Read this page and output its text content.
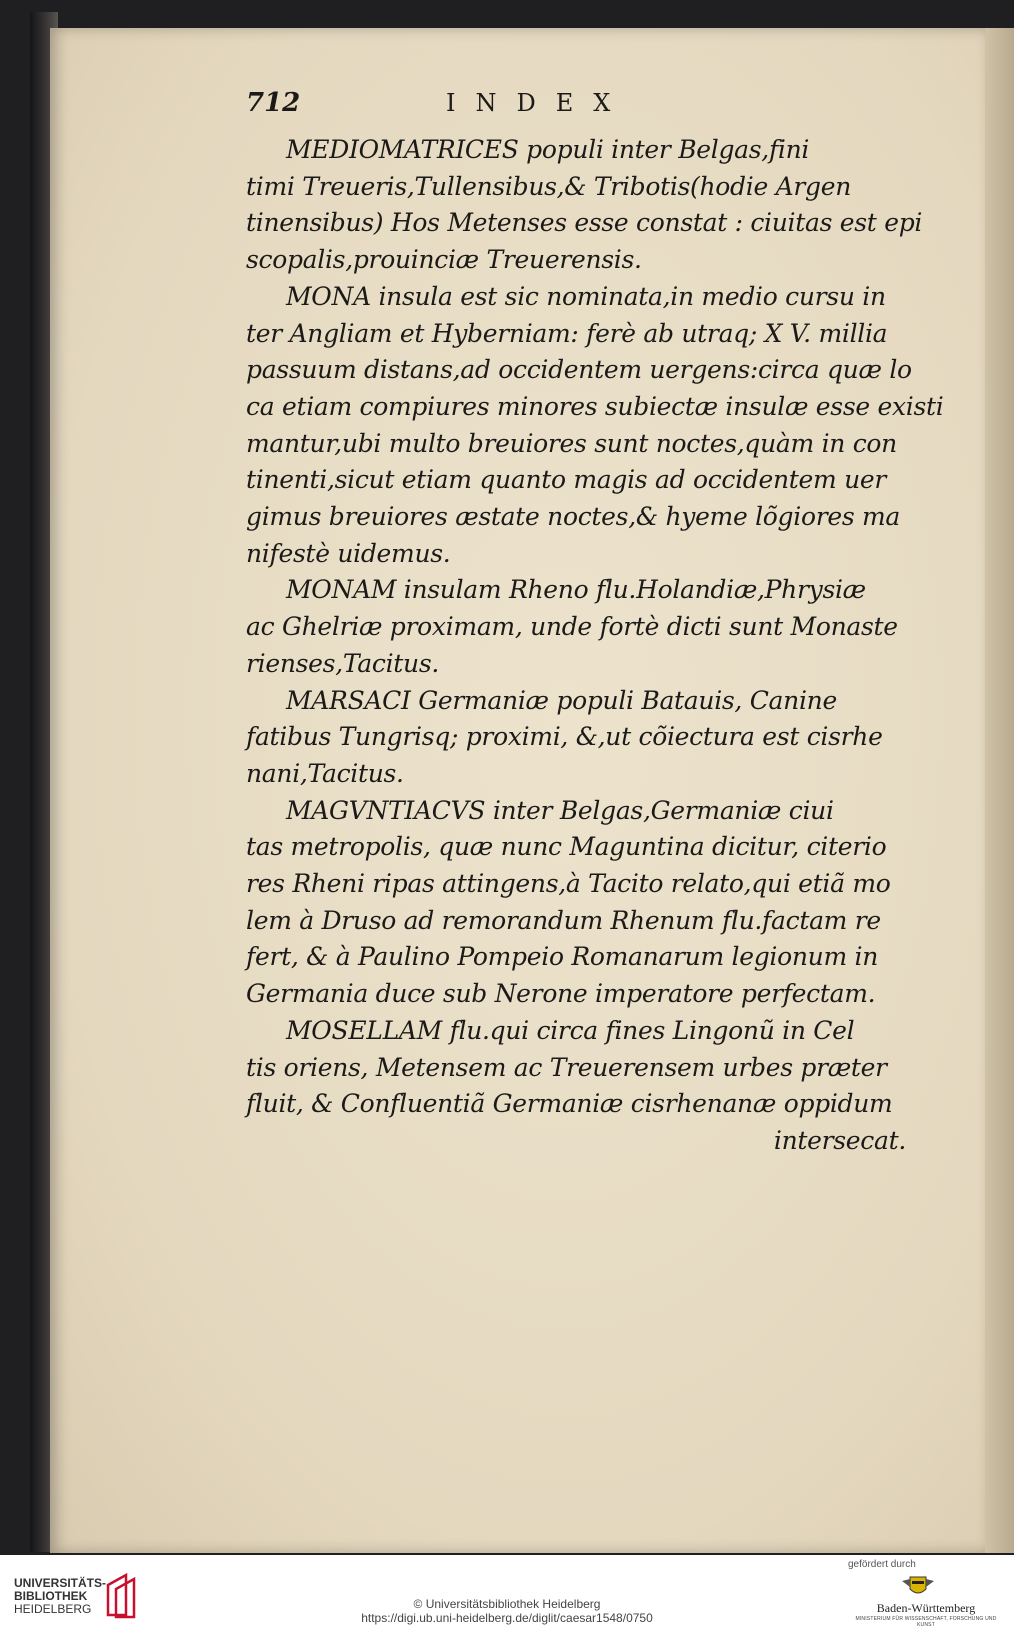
712	INDEX
MEDIOMATRICES populi inter Belgas,fini
timi Treueris,Tullensibus,& Tribotis(hodie Argen
tinensibus) Hos Metenses esse constat : ciuitas est epi
scopalis,prouinciæ Treuerensis.
MONA insula est sic nominata,in medio cursu in
ter Angliam et Hyberniam: ferè ab utraq; X V. millia
passuum distans,ad occidentem uergens:circa quæ lo
ca etiam compiures minores subiectæ insulæ esse existi
mantur,ubi multo breuiores sunt noctes,quàm in con
tinenti,sicut etiam quanto magis ad occidentem uer
gimus breuiores æstate noctes,& hyeme lõgiores ma
nifestè uidemus.
MONAM insulam Rheno flu.Holandiæ,Phrysiæ
ac Ghelriæ proximam, unde fortè dicti sunt Monaste
rienses,Tacitus.
MARSACI Germaniæ populi Batauis, Canine
fatibus Tungrisq; proximi, &,ut cõiectura est cisrhe
nani,Tacitus.
MAGVNTIACVS inter Belgas,Germaniæ ciui
tas metropolis, quæ nunc Maguntina dicitur, citerio
res Rheni ripas attingens,à Tacito relato,qui etiã mo
lem à Druso ad remorandum Rhenum flu.factam re
fert, & à Paulino Pompeio Romanarum legionum in
Germania duce sub Nerone imperatore perfectam.
MOSELLAM flu.qui circa fines Lingonũ in Cel
tis oriens, Metensem ac Treuerensem urbes præter
fluit, & Confluentiã Germaniæ cisrhenanæ oppidum
intersecat.
UNIVERSITÄTS-
BIBLIOTHEK
HEIDELBERG	© Universitätsbibliothek Heidelberg
https://digi.ub.uni-heidelberg.de/diglit/caesar1548/0750
gefördert durch
Baden-Württemberg
MINISTERIUM FÜR WISSENSCHAFT, FORSCHUNG UND KUNST
